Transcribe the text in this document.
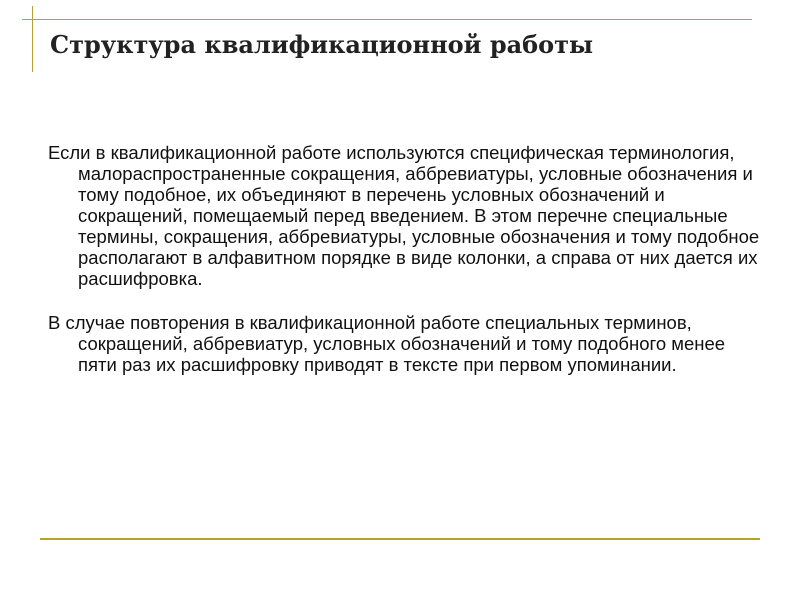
Структура квалификационной работы

Если в квалификационной работе используются специфическая терминология, малораспространенные сокращения, аббревиатуры, условные обозначения и тому подобное, их объединяют в перечень условных обозначений и сокращений, помещаемый перед введением. В этом перечне специальные термины, сокращения, аббревиатуры, условные обозначения и тому подобное располагают в алфавитном порядке в виде колонки, а справа от них дается их расшифровка.

В случае повторения в квалификационной работе специальных терминов, сокращений, аббревиатур, условных обозначений и тому подобного менее пяти раз их расшифровку приводят в тексте при первом упоминании.
